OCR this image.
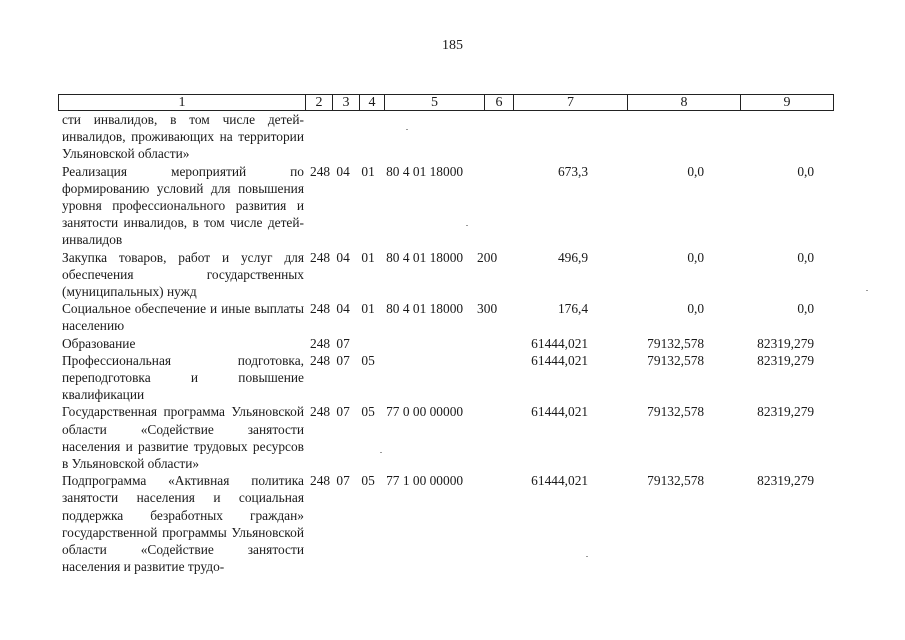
185
1	2	3	4	5	6	7	8	9
сти инвалидов, в том числе детей-инвалидов, проживающих на территории Ульяновской области»								
Реализация мероприятий по формированию условий для повышения уровня профессионального развития и занятости инвалидов, в том числе детей-инвалидов	248	04	01	80 4 01 18000		673,3	0,0	0,0
Закупка товаров, работ и услуг для обеспечения государственных (муниципальных) нужд	248	04	01	80 4 01 18000	200	496,9	0,0	0,0
Социальное обеспечение и иные выплаты населению	248	04	01	80 4 01 18000	300	176,4	0,0	0,0
Образование	248	07				61444,021	79132,578	82319,279
Профессиональная подготовка, переподготовка и повышение квалификации	248	07	05			61444,021	79132,578	82319,279
Государственная программа Ульяновской области «Содействие занятости населения и развитие трудовых ресурсов в Ульяновской области»	248	07	05	77 0 00 00000		61444,021	79132,578	82319,279
Подпрограмма «Активная политика занятости населения и социальная поддержка безработных граждан» государственной программы Ульяновской области «Содействие занятости населения и развитие трудо-	248	07	05	77 1 00 00000		61444,021	79132,578	82319,279
